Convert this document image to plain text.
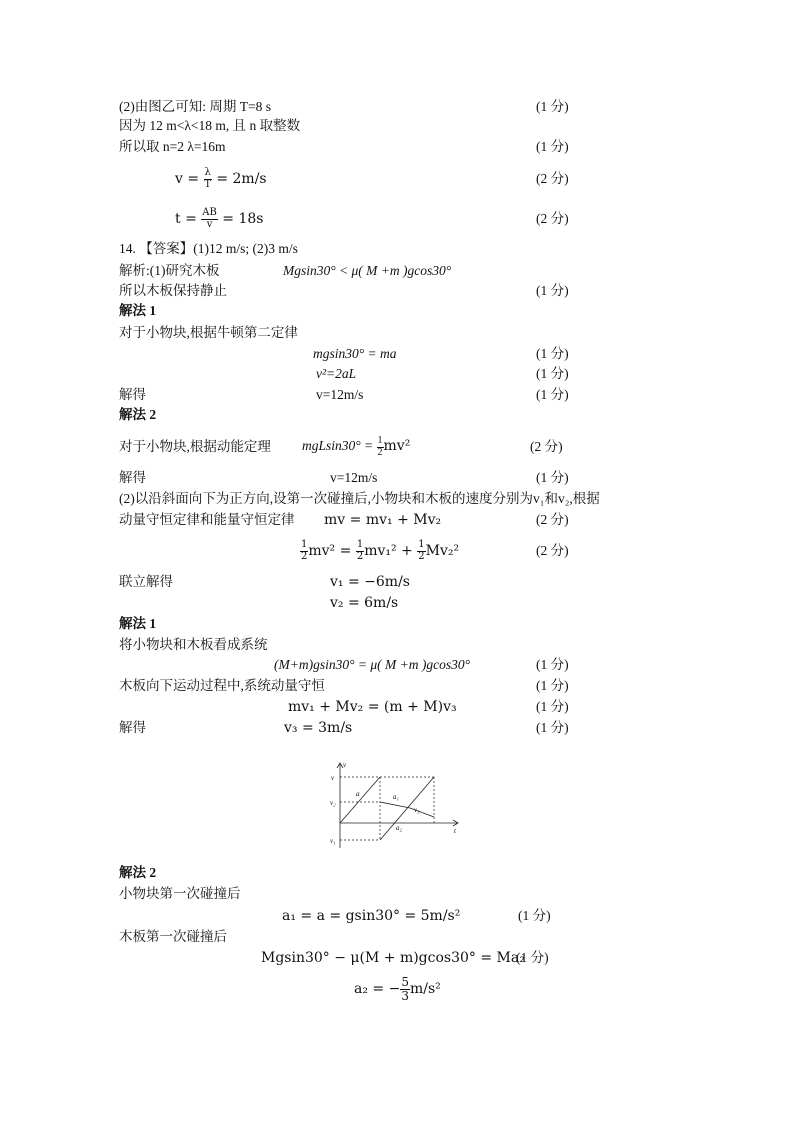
(2)由图乙可知: 周期 T=8 s	(1 分)
因为 12 m<λ<18 m, 且 n 取整数
所以取 n=2 λ=16m	(1 分)
$v = \frac{\lambda}{T} = 2m/s$	(2 分)
$t = \frac{AB}{v} = 18s$	(2 分)
14. 【答案】(1)12 m/s; (2)3 m/s
解析:(1)研究木板	Mgsin30° < μ( M +m )gcos30°
所以木板保持静止	(1 分)
解法 1
对于小物块,根据牛顿第二定律
mgsin30° = ma	(1 分)
v²=2aL	(1 分)
解得	v=12m/s	(1 分)
解法 2
对于小物块,根据动能定理 $mgLsin30^\circ = \frac{1}{2} mv^2$	(2 分)
解得	v=12m/s	(1 分)
(2)以沿斜面向下为正方向,设第一次碰撞后,小物块和木板的速度分别为v₁和v₂,根据
动量守恒定律和能量守恒定律 mv = mv₁ + Mv₂	(2 分)
$\frac{1}{2} mv^2 = \frac{1}{2} mv_1^2 + \frac{1}{2} Mv_2^2$	(2 分)
联立解得	v₁ = −6m/s
v₂ = 6m/s
解法 1
将小物块和木板看成系统
(M+m)gsin30° = μ( M +m )gcos30°	(1 分)
木板向下运动过程中,系统动量守恒	(1 分)
mv₁ + Mv₂ = (m + M)v₃	(1 分)
解得	v₃ = 3m/s	(1 分)
v
t
v
v₂
v₁
a	a₁
a₂
v₃
解法 2
小物块第一次碰撞后
a₁ = a = gsin30° = 5m/s²	(1 分)
木板第一次碰撞后
Mgsin30° − μ(M + m)gcos30° = Ma₂
(1 分)
a₂ = − $\frac{5}{3} m/s^2$
